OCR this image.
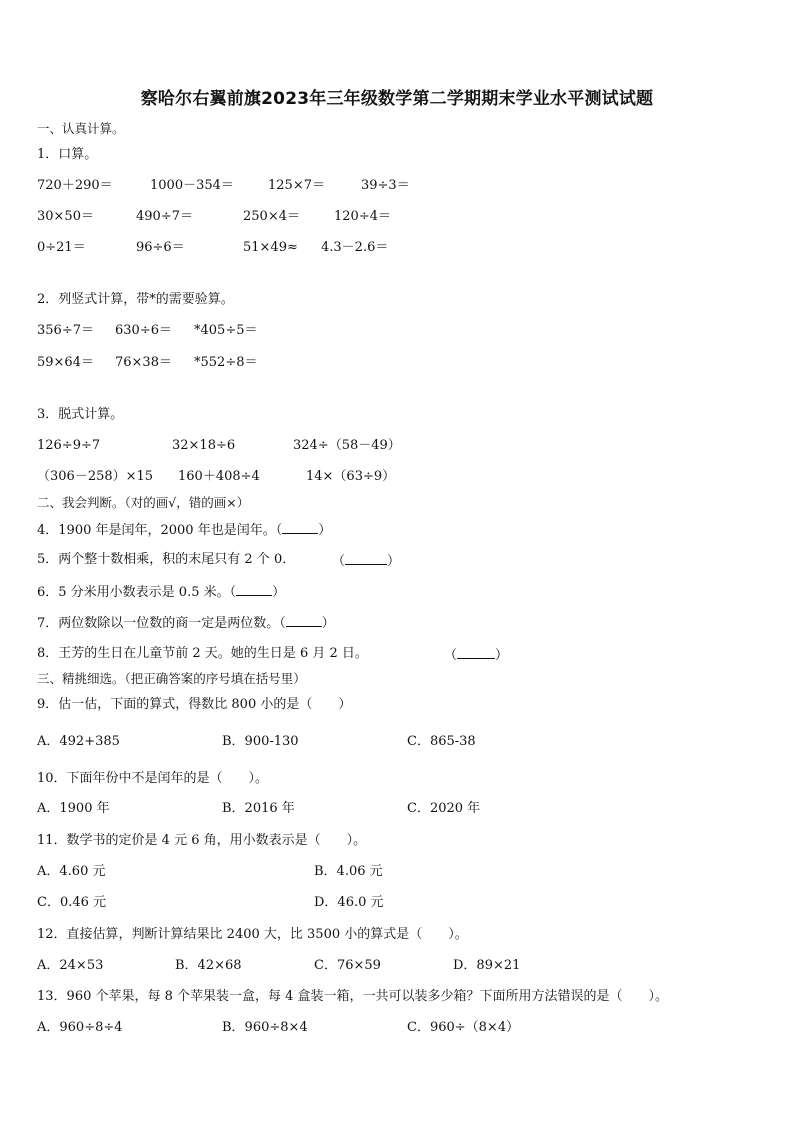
察哈尔右翼前旗2023年三年级数学第二学期期末学业水平测试试题
一、认真计算。
1．口算。
720＋290＝	1000－354＝	125×7＝	39÷3＝
30×50＝	490÷7＝	250×4＝	120÷4＝
0÷21＝	96÷6＝	51×49≈ 4.3－2.6＝
2．列竖式计算，带*的需要验算。
356÷7＝ 630÷6＝ *405÷5＝
59×64＝ 76×38＝ *552÷8＝
3．脱式计算。
126÷9÷7	32×18÷6	324÷（58－49）
（306－258）×15 160＋408÷4	14×（63÷9）
二、我会判断。（对的画√，错的画×）
4．1900 年是闰年，2000 年也是闰年。（	）
5．两个整十数相乘，积的末尾只有 2 个 0．	（	）
6．5 分米用小数表示是 0.5 米。（	）
7．两位数除以一位数的商一定是两位数。（	）
8．王芳的生日在儿童节前 2 天。她的生日是 6 月 2 日。	（	）
三、精挑细选。（把正确答案的序号填在括号里）
9．估一估，下面的算式，得数比 800 小的是（　　）
A．492+385	B．900-130	C．865-38
10．下面年份中不是闰年的是（　　）。
A．1900 年	B．2016 年	C．2020 年
11．数学书的定价是 4 元 6 角，用小数表示是（　　）。
A．4.60 元	B．4.06 元
C．0.46 元	D．46.0 元
12．直接估算，判断计算结果比 2400 大，比 3500 小的算式是（　　）。
A．24×53	B．42×68	C．76×59	D．89×21
13．960 个苹果，每 8 个苹果装一盒，每 4 盒装一箱，一共可以装多少箱？下面所用方法错误的是（　　）。
A．960÷8÷4	B．960÷8×4	C．960÷（8×4）
